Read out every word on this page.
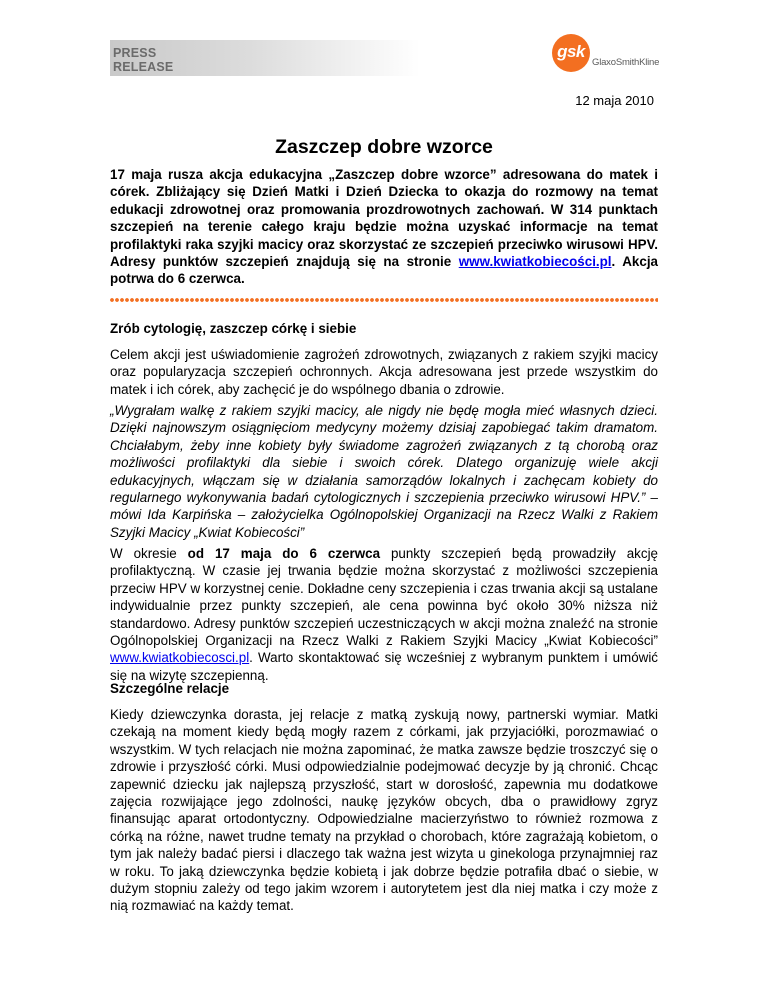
PRESS
RELEASE
gsk
GlaxoSmithKline
12 maja 2010
Zaszczep dobre wzorce

17 maja rusza akcja edukacyjna „Zaszczep dobre wzorce” adresowana do matek i córek. Zbliżający się Dzień Matki i Dzień Dziecka to okazja do rozmowy na temat edukacji zdrowotnej oraz promowania prozdrowotnych zachowań. W 314 punktach szczepień na terenie całego kraju będzie można uzyskać informacje na temat profilaktyki raka szyjki macicy oraz skorzystać ze szczepień przeciwko wirusowi HPV. Adresy punktów szczepień znajdują się na stronie www.kwiatkobiecości.pl. Akcja potrwa do 6 czerwca.

Zrób cytologię, zaszczep córkę i siebie

Celem akcji jest uświadomienie zagrożeń zdrowotnych, związanych z rakiem szyjki macicy oraz popularyzacja szczepień ochronnych. Akcja adresowana jest przede wszystkim do matek i ich córek, aby zachęcić je do wspólnego dbania o zdrowie.

„Wygrałam walkę z rakiem szyjki macicy, ale nigdy nie będę mogła mieć własnych dzieci. Dzięki najnowszym osiągnięciom medycyny możemy dzisiaj zapobiegać takim dramatom. Chciałabym, żeby inne kobiety były świadome zagrożeń związanych z tą chorobą oraz możliwości profilaktyki dla siebie i swoich córek. Dlatego organizuję wiele akcji edukacyjnych, włączam się w działania samorządów lokalnych i zachęcam kobiety do regularnego wykonywania badań cytologicznych i szczepienia przeciwko wirusowi HPV.” – mówi Ida Karpińska – założycielka Ogólnopolskiej Organizacji na Rzecz Walki z Rakiem Szyjki Macicy „Kwiat Kobiecości”

W okresie od 17 maja do 6 czerwca punkty szczepień będą prowadziły akcję profilaktyczną. W czasie jej trwania będzie można skorzystać z możliwości szczepienia przeciw HPV w korzystnej cenie. Dokładne ceny szczepienia i czas trwania akcji są ustalane indywidualnie przez punkty szczepień, ale cena powinna być około 30% niższa niż standardowo. Adresy punktów szczepień uczestniczących w akcji można znaleźć na stronie Ogólnopolskiej Organizacji na Rzecz Walki z Rakiem Szyjki Macicy „Kwiat Kobiecości” www.kwiatkobiecosci.pl. Warto skontaktować się wcześniej z wybranym punktem i umówić się na wizytę szczepienną.

Szczególne relacje

Kiedy dziewczynka dorasta, jej relacje z matką zyskują nowy, partnerski wymiar. Matki czekają na moment kiedy będą mogły razem z córkami, jak przyjaciółki, porozmawiać o wszystkim. W tych relacjach nie można zapominać, że matka zawsze będzie troszczyć się o zdrowie i przyszłość córki. Musi odpowiedzialnie podejmować decyzje by ją chronić. Chcąc zapewnić dziecku jak najlepszą przyszłość, start w dorosłość, zapewnia mu dodatkowe zajęcia rozwijające jego zdolności, naukę języków obcych, dba o prawidłowy zgryz finansując aparat ortodontyczny. Odpowiedzialne macierzyństwo to również rozmowa z córką na różne, nawet trudne tematy na przykład o chorobach, które zagrażają kobietom, o tym jak należy badać piersi i dlaczego tak ważna jest wizyta u ginekologa przynajmniej raz w roku. To jaką dziewczynka będzie kobietą i jak dobrze będzie potrafiła dbać o siebie, w dużym stopniu zależy od tego jakim wzorem i autorytetem jest dla niej matka i czy może z nią rozmawiać na każdy temat.
